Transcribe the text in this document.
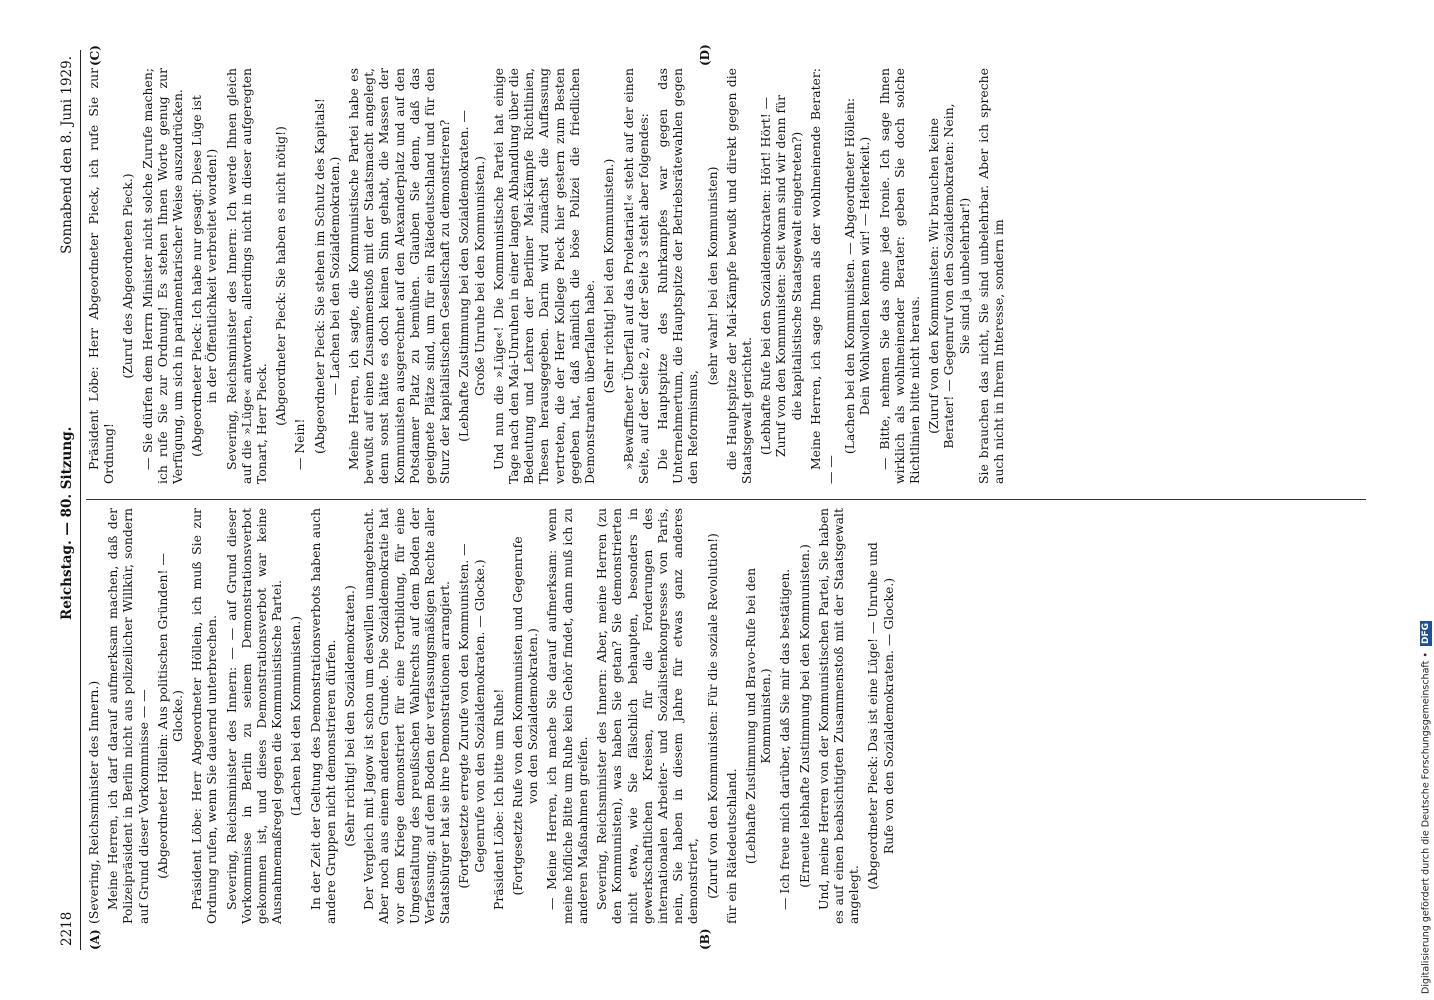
2218
Reichstag. — 80. Sitzung.
Sonnabend den 8. Juni 1929.
(A)	(B)
(C)	(D)

(Severing, Reichsminister des Innern.) Meine Herren, ich darf darauf aufmerksam machen, daß der Polizeipräsident in Berlin nicht aus polizeilicher Willkür, sondern auf Grund dieser Vorkommnisse — — (Abgeordneter Höllein: Aus politischen Gründen! — Glocke.) Präsident Löbe: Herr Abgeordneter Höllein, ich muß Sie zur Ordnung rufen, wenn Sie dauernd unterbrechen. Severing, Reichsminister des Innern: — — auf Grund dieser Vorkommnisse in Berlin zu seinem Demonstrationsverbot gekommen ist, und dieses Demonstrationsverbot war keine Ausnahmemaßregel gegen die Kommunistische Partei. (Lachen bei den Kommunisten.) In der Zeit der Geltung des Demonstrationsverbots haben auch andere Gruppen nicht demonstrieren dürfen. (Sehr richtig! bei den Sozialdemokraten.) Der Vergleich mit Jagow ist schon um deswillen unangebracht. Aber noch aus einem anderen Grunde. Die Sozialdemokratie hat vor dem Kriege demonstriert für eine Fortbildung, für eine Umgestaltung des preußischen Wahlrechts auf dem Boden der Verfassung; auf dem Boden der verfassungsmäßigen Rechte aller Staatsbürger hat sie ihre Demonstrationen arrangiert. (Fortgesetzte erregte Zurufe von den Kommunisten. — Gegenrufe von den Sozialdemokraten. — Glocke.) Präsident Löbe: Ich bitte um Ruhe! (Fortgesetzte Rufe von den Kommunisten und Gegenrufe von den Sozialdemokraten.) — Meine Herren, ich mache Sie darauf aufmerksam: wenn meine höfliche Bitte um Ruhe kein Gehör findet, dann muß ich zu anderen Maßnahmen greifen. Severing, Reichsminister des Innern: Aber, meine Herren (zu den Kommunisten), was haben Sie getan? Sie demonstrierten nicht etwa, wie Sie fälschlich behaupten, besonders in gewerkschaftlichen Kreisen, für die Forderungen des internationalen Arbeiter- und Sozialistenkongresses von Paris, nein, Sie haben in diesem Jahre für etwas ganz anderes demonstriert, (Zuruf von den Kommunisten: Für die soziale Revolution!) für ein Rätedeutschland. (Lebhafte Zustimmung und Bravo-Rufe bei den Kommunisten.) — Ich freue mich darüber, daß Sie mir das bestätigen. (Erneute lebhafte Zustimmung bei den Kommunisten.) Und, meine Herren von der Kommunistischen Partei, Sie haben es auf einen beabsichtigten Zusammenstoß mit der Staatsgewalt angelegt.

(Abgeordneter Pieck: Das ist eine Lüge! — Unruhe und Rufe von den Sozialdemokraten. — Glocke.)

Präsident Löbe: Herr Abgeordneter Pieck, ich rufe Sie zur Ordnung!

(Zuruf des Abgeordneten Pieck.) — Sie dürfen dem Herrn Minister nicht solche Zurufe machen; ich rufe Sie zur Ordnung! Es stehen Ihnen Worte genug zur Verfügung, um sich in parlamentarischer Weise auszudrücken. (Abgeordneter Pieck: Ich habe nur gesagt: Diese Lüge ist in der Öffentlichkeit verbreitet worden!) Severing, Reichsminister des Innern: Ich werde Ihnen gleich auf die »Lüge« antworten, allerdings nicht in dieser aufgeregten Tonart, Herr Pieck. (Abgeordneter Pieck: Sie haben es nicht nötig!)

— Nein! (Abgeordneter Pieck: Sie stehen im Schutz des Kapitals! — Lachen bei den Sozialdemokraten.) Meine Herren, ich sagte, die Kommunistische Partei habe es bewußt auf einen Zusammenstoß mit der Staatsmacht angelegt, denn sonst hätte es doch keinen Sinn gehabt, die Massen der Kommunisten ausgerechnet auf den Alexanderplatz und auf den Potsdamer Platz zu bemühen. Glauben Sie denn, daß das geeignete Plätze sind, um für ein Rätedeutschland und für den Sturz der kapitalistischen Gesellschaft zu demonstrieren? (Lebhafte Zustimmung bei den Sozialdemokraten. — Große Unruhe bei den Kommunisten.) Und nun die »Lüge«! Die Kommunistische Partei hat einige Tage nach den Mai-Unruhen in einer langen Abhandlung über die Bedeutung und Lehren der Berliner Mai-Kämpfe Richtlinien, Thesen herausgegeben. Darin wird zunächst die Auffassung vertreten, die der Herr Kollege Pieck hier gestern zum Besten gegeben hat, daß nämlich die böse Polizei die friedlichen Demonstranten überfallen habe. (Sehr richtig! bei den Kommunisten.) »Bewaffneter Überfall auf das Proletariat!« steht auf der einen Seite, auf der Seite 2, auf der Seite 3 steht aber folgendes: Die Hauptspitze des Ruhrkampfes war gegen das Unternehmertum, die Hauptspitze der Betriebsrätewahlen gegen den Reformismus,

(sehr wahr! bei den Kommunisten) die Hauptspitze der Mai-Kämpfe bewußt und direkt gegen die Staatsgewalt gerichtet. (Lebhafte Rufe bei den Sozialdemokraten: Hört! Hört! — Zuruf von den Kommunisten: Seit wann sind wir denn für die kapitalistische Staatsgewalt eingetreten?) Meine Herren, ich sage Ihnen als der wohlmeinende Berater: — —

(Lachen bei den Kommunisten. — Abgeordneter Höllein: Dein Wohlwollen kennen wir! — Heiterkeit.) — Bitte, nehmen Sie das ohne jede Ironie. Ich sage Ihnen wirklich als wohlmeinender Berater: geben Sie doch solche Richtlinien bitte nicht heraus. (Zuruf von den Kommunisten: Wir brauchen keine Berater! — Gegenruf von den Sozialdemokraten: Nein, Sie sind ja unbelehrbar!) Sie brauchen das nicht, Sie sind unbelehrbar. Aber ich spreche auch nicht in Ihrem Interesse, sondern im

Digitalisierung gefördert durch die Deutsche Forschungsgemeinschaft •
DFG
